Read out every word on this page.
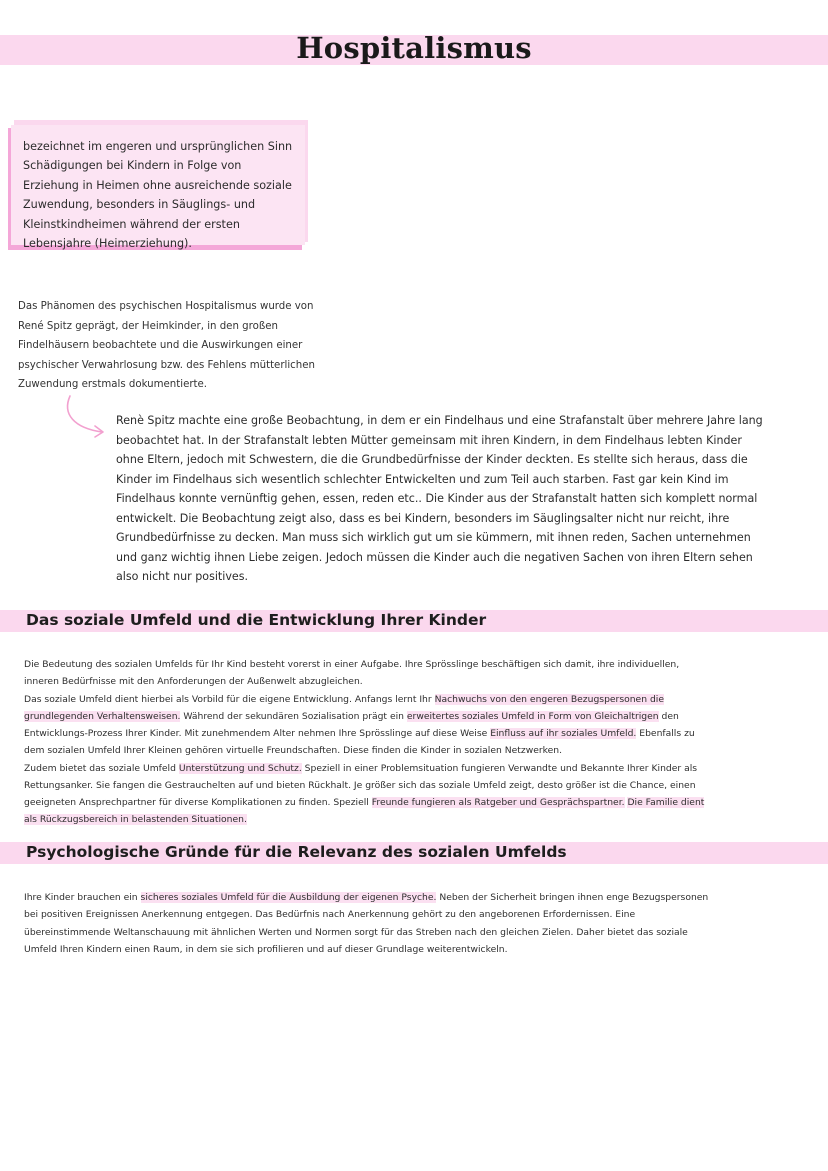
Hospitalismus
bezeichnet im engeren und ursprünglichen Sinn Schädigungen bei Kindern in Folge von Erziehung in Heimen ohne ausreichende soziale Zuwendung, besonders in Säuglings- und Kleinstkindheimen während der ersten Lebensjahre (Heimerziehung).
Das Phänomen des psychischen Hospitalismus wurde von René Spitz geprägt, der Heimkinder, in den großen Findelhäusern beobachtete und die Auswirkungen einer psychischer Verwahrlosung bzw. des Fehlens mütterlichen Zuwendung erstmals dokumentierte.
Renè Spitz machte eine große Beobachtung, in dem er ein Findelhaus und eine Strafanstalt über mehrere Jahre lang beobachtet hat. In der Strafanstalt lebten Mütter gemeinsam mit ihren Kindern, in dem Findelhaus lebten Kinder ohne Eltern, jedoch mit Schwestern, die die Grundbedürfnisse der Kinder deckten. Es stellte sich heraus, dass die Kinder im Findelhaus sich wesentlich schlechter Entwickelten und zum Teil auch starben. Fast gar kein Kind im Findelhaus konnte vernünftig gehen, essen, reden etc.. Die Kinder aus der Strafanstalt hatten sich komplett normal entwickelt. Die Beobachtung zeigt also, dass es bei Kindern, besonders im Säuglingsalter nicht nur reicht, ihre Grundbedürfnisse zu decken. Man muss sich wirklich gut um sie kümmern, mit ihnen reden, Sachen unternehmen und ganz wichtig ihnen Liebe zeigen. Jedoch müssen die Kinder auch die negativen Sachen von ihren Eltern sehen also nicht nur positives.
Das soziale Umfeld und die Entwicklung Ihrer Kinder
Die Bedeutung des sozialen Umfelds für Ihr Kind besteht vorerst in einer Aufgabe. Ihre Sprösslinge beschäftigen sich damit, ihre individuellen, inneren Bedürfnisse mit den Anforderungen der Außenwelt abzugleichen.
Das soziale Umfeld dient hierbei als Vorbild für die eigene Entwicklung. Anfangs lernt Ihr Nachwuchs von den engeren Bezugspersonen die grundlegenden Verhaltensweisen. Während der sekundären Sozialisation prägt ein erweitertes soziales Umfeld in Form von Gleichaltrigen den Entwicklungs-Prozess Ihrer Kinder. Mit zunehmendem Alter nehmen Ihre Sprösslinge auf diese Weise Einfluss auf ihr soziales Umfeld. Ebenfalls zu dem sozialen Umfeld Ihrer Kleinen gehören virtuelle Freundschaften. Diese finden die Kinder in sozialen Netzwerken.
Zudem bietet das soziale Umfeld Unterstützung und Schutz. Speziell in einer Problemsituation fungieren Verwandte und Bekannte Ihrer Kinder als Rettungsanker. Sie fangen die Gestrauchelten auf und bieten Rückhalt. Je größer sich das soziale Umfeld zeigt, desto größer ist die Chance, einen geeigneten Ansprechpartner für diverse Komplikationen zu finden. Speziell Freunde fungieren als Ratgeber und Gesprächspartner. Die Familie dient als Rückzugsbereich in belastenden Situationen.
Psychologische Gründe für die Relevanz des sozialen Umfelds
Ihre Kinder brauchen ein sicheres soziales Umfeld für die Ausbildung der eigenen Psyche. Neben der Sicherheit bringen ihnen enge Bezugspersonen bei positiven Ereignissen Anerkennung entgegen. Das Bedürfnis nach Anerkennung gehört zu den angeborenen Erfordernissen. Eine übereinstimmende Weltanschauung mit ähnlichen Werten und Normen sorgt für das Streben nach den gleichen Zielen. Daher bietet das soziale Umfeld Ihren Kindern einen Raum, in dem sie sich profilieren und auf dieser Grundlage weiterentwickeln.
